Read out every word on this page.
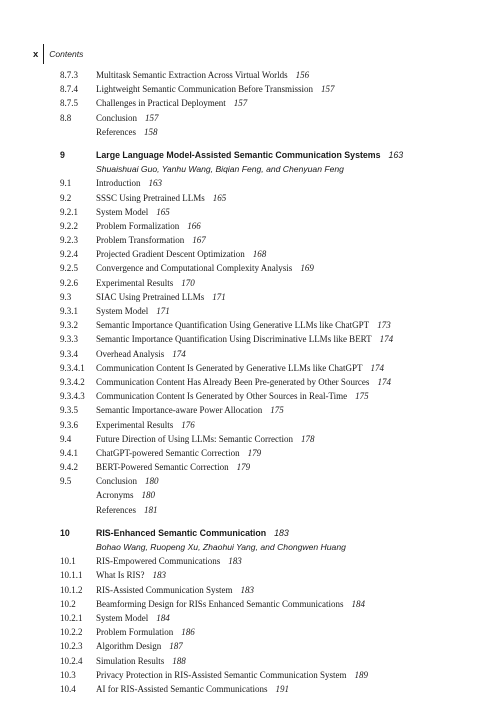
x	Contents
8.7.3 Multitask Semantic Extraction Across Virtual Worlds 156
8.7.4 Lightweight Semantic Communication Before Transmission 157
8.7.5 Challenges in Practical Deployment 157
8.8	Conclusion 157
References 158
9	Large Language Model-Assisted Semantic Communication Systems 163
Shuaishuai Guo, Yanhu Wang, Biqian Feng, and Chenyuan Feng
9.1	Introduction 163
9.2	SSSC Using Pretrained LLMs 165
9.2.1 System Model 165
9.2.2 Problem Formalization 166
9.2.3 Problem Transformation 167
9.2.4 Projected Gradient Descent Optimization 168
9.2.5 Convergence and Computational Complexity Analysis 169
9.2.6 Experimental Results 170
9.3	SIAC Using Pretrained LLMs 171
9.3.1 System Model 171
9.3.2 Semantic Importance Quantification Using Generative LLMs like ChatGPT 173
9.3.3 Semantic Importance Quantification Using Discriminative LLMs like BERT 174
9.3.4 Overhead Analysis 174
9.3.4.1 Communication Content Is Generated by Generative LLMs like ChatGPT 174
9.3.4.2 Communication Content Has Already Been Pre-generated by Other Sources 174
9.3.4.3 Communication Content Is Generated by Other Sources in Real-Time 175
9.3.5 Semantic Importance-aware Power Allocation 175
9.3.6 Experimental Results 176
9.4	Future Direction of Using LLMs: Semantic Correction 178
9.4.1 ChatGPT-powered Semantic Correction 179
9.4.2 BERT-Powered Semantic Correction 179
9.5	Conclusion 180
Acronyms 180
References 181
10	RIS-Enhanced Semantic Communication 183
Bohao Wang, Ruopeng Xu, Zhaohui Yang, and Chongwen Huang
10.1 RIS-Empowered Communications 183
10.1.1 What Is RIS? 183
10.1.2 RIS-Assisted Communication System 183
10.2 Beamforming Design for RISs Enhanced Semantic Communications 184
10.2.1 System Model 184
10.2.2 Problem Formulation 186
10.2.3 Algorithm Design 187
10.2.4 Simulation Results 188
10.3 Privacy Protection in RIS-Assisted Semantic Communication System 189
10.4 AI for RIS-Assisted Semantic Communications 191
